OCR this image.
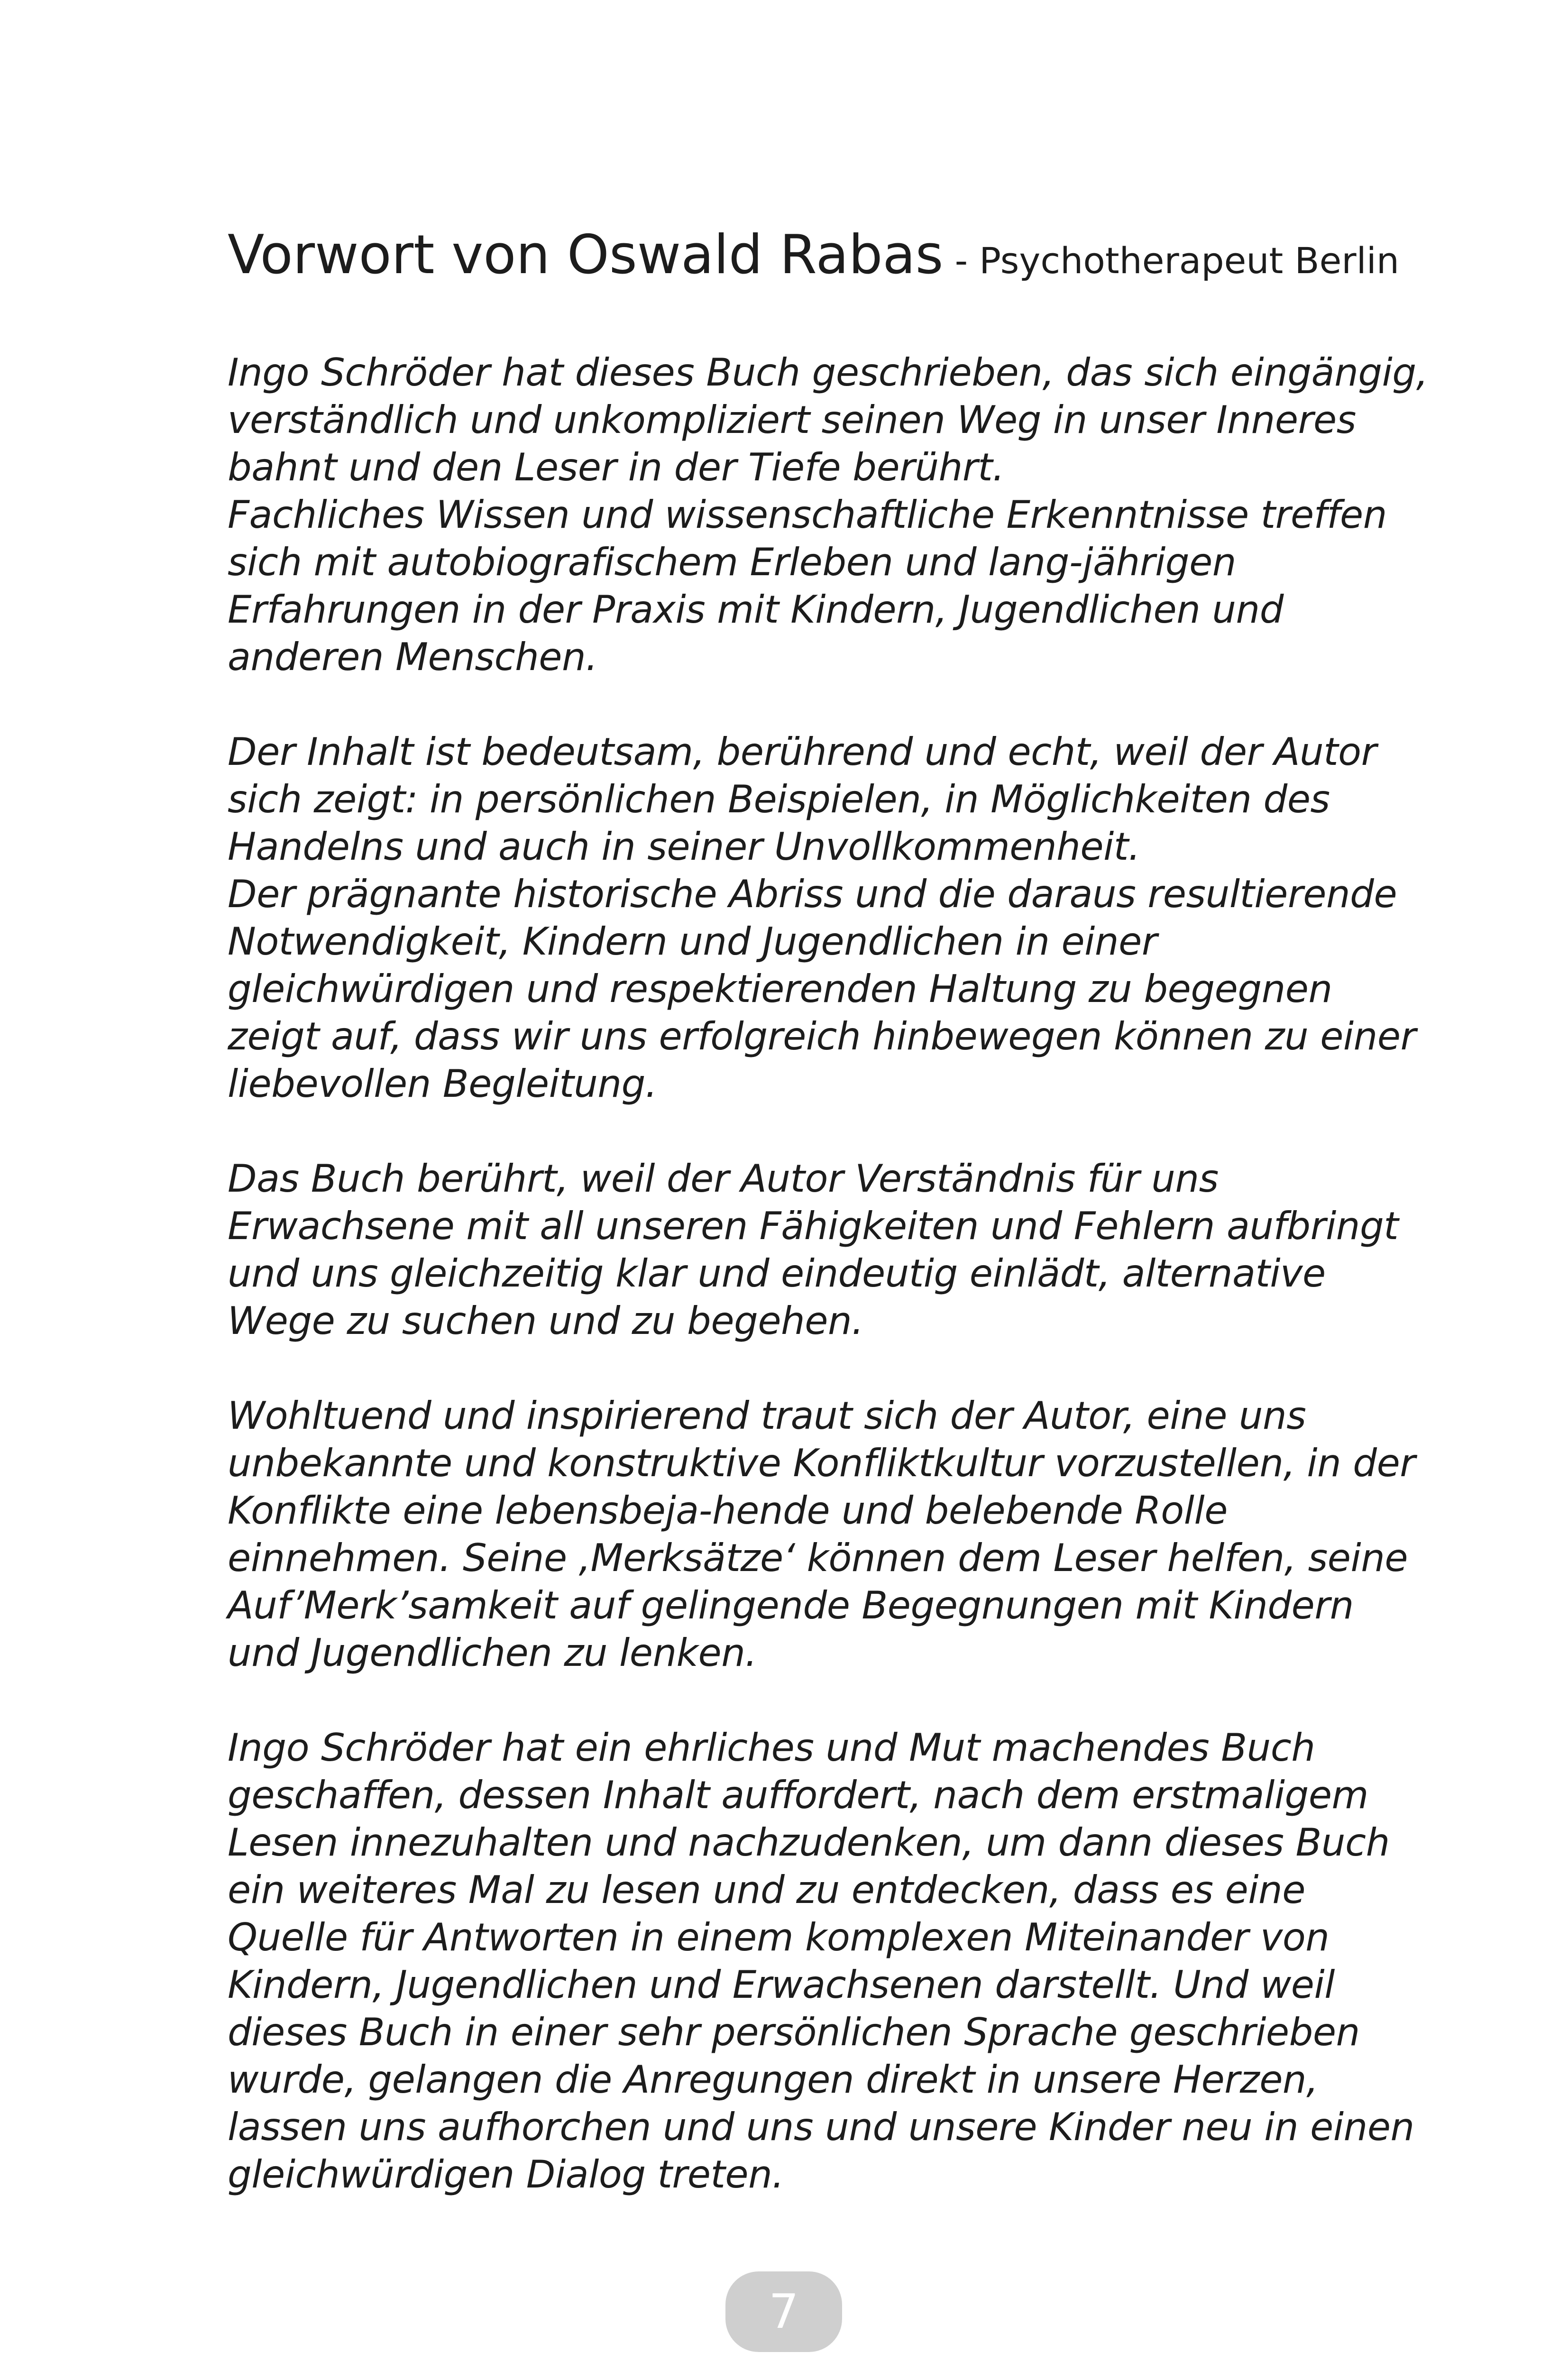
Vorwort von Oswald Rabas - Psychotherapeut Berlin
Ingo Schröder hat dieses Buch geschrieben, das sich eingängig,
verständlich und unkompliziert seinen Weg in unser Inneres
bahnt und den Leser in der Tiefe berührt.
Fachliches Wissen und wissenschaftliche Erkenntnisse treffen
sich mit autobiografischem Erleben und lang-jährigen
Erfahrungen in der Praxis mit Kindern, Jugendlichen und
anderen Menschen.
Der Inhalt ist bedeutsam, berührend und echt, weil der Autor
sich zeigt: in persönlichen Beispielen, in Möglichkeiten des
Handelns und auch in seiner Unvollkommenheit.
Der prägnante historische Abriss und die daraus resultierende
Notwendigkeit, Kindern und Jugendlichen in einer
gleichwürdigen und respektierenden Haltung zu begegnen
zeigt auf, dass wir uns erfolgreich hinbewegen können zu einer
liebevollen Begleitung.
Das Buch berührt, weil der Autor Verständnis für uns
Erwachsene mit all unseren Fähigkeiten und Fehlern aufbringt
und uns gleichzeitig klar und eindeutig einlädt, alternative
Wege zu suchen und zu begehen.
Wohltuend und inspirierend traut sich der Autor, eine uns
unbekannte und konstruktive Konfliktkultur vorzustellen, in der
Konflikte eine lebensbeja-hende und belebende Rolle
einnehmen. Seine ‚Merksätze‘ können dem Leser helfen, seine
Auf’Merk’samkeit auf gelingende Begegnungen mit Kindern
und Jugendlichen zu lenken.
Ingo Schröder hat ein ehrliches und Mut machendes Buch
geschaffen, dessen Inhalt auffordert, nach dem erstmaligem
Lesen innezuhalten und nachzudenken, um dann dieses Buch
ein weiteres Mal zu lesen und zu entdecken, dass es eine
Quelle für Antworten in einem komplexen Miteinander von
Kindern, Jugendlichen und Erwachsenen darstellt. Und weil
dieses Buch in einer sehr persönlichen Sprache geschrieben
wurde, gelangen die Anregungen direkt in unsere Herzen,
lassen uns aufhorchen und uns und unsere Kinder neu in einen
gleichwürdigen Dialog treten.
7
